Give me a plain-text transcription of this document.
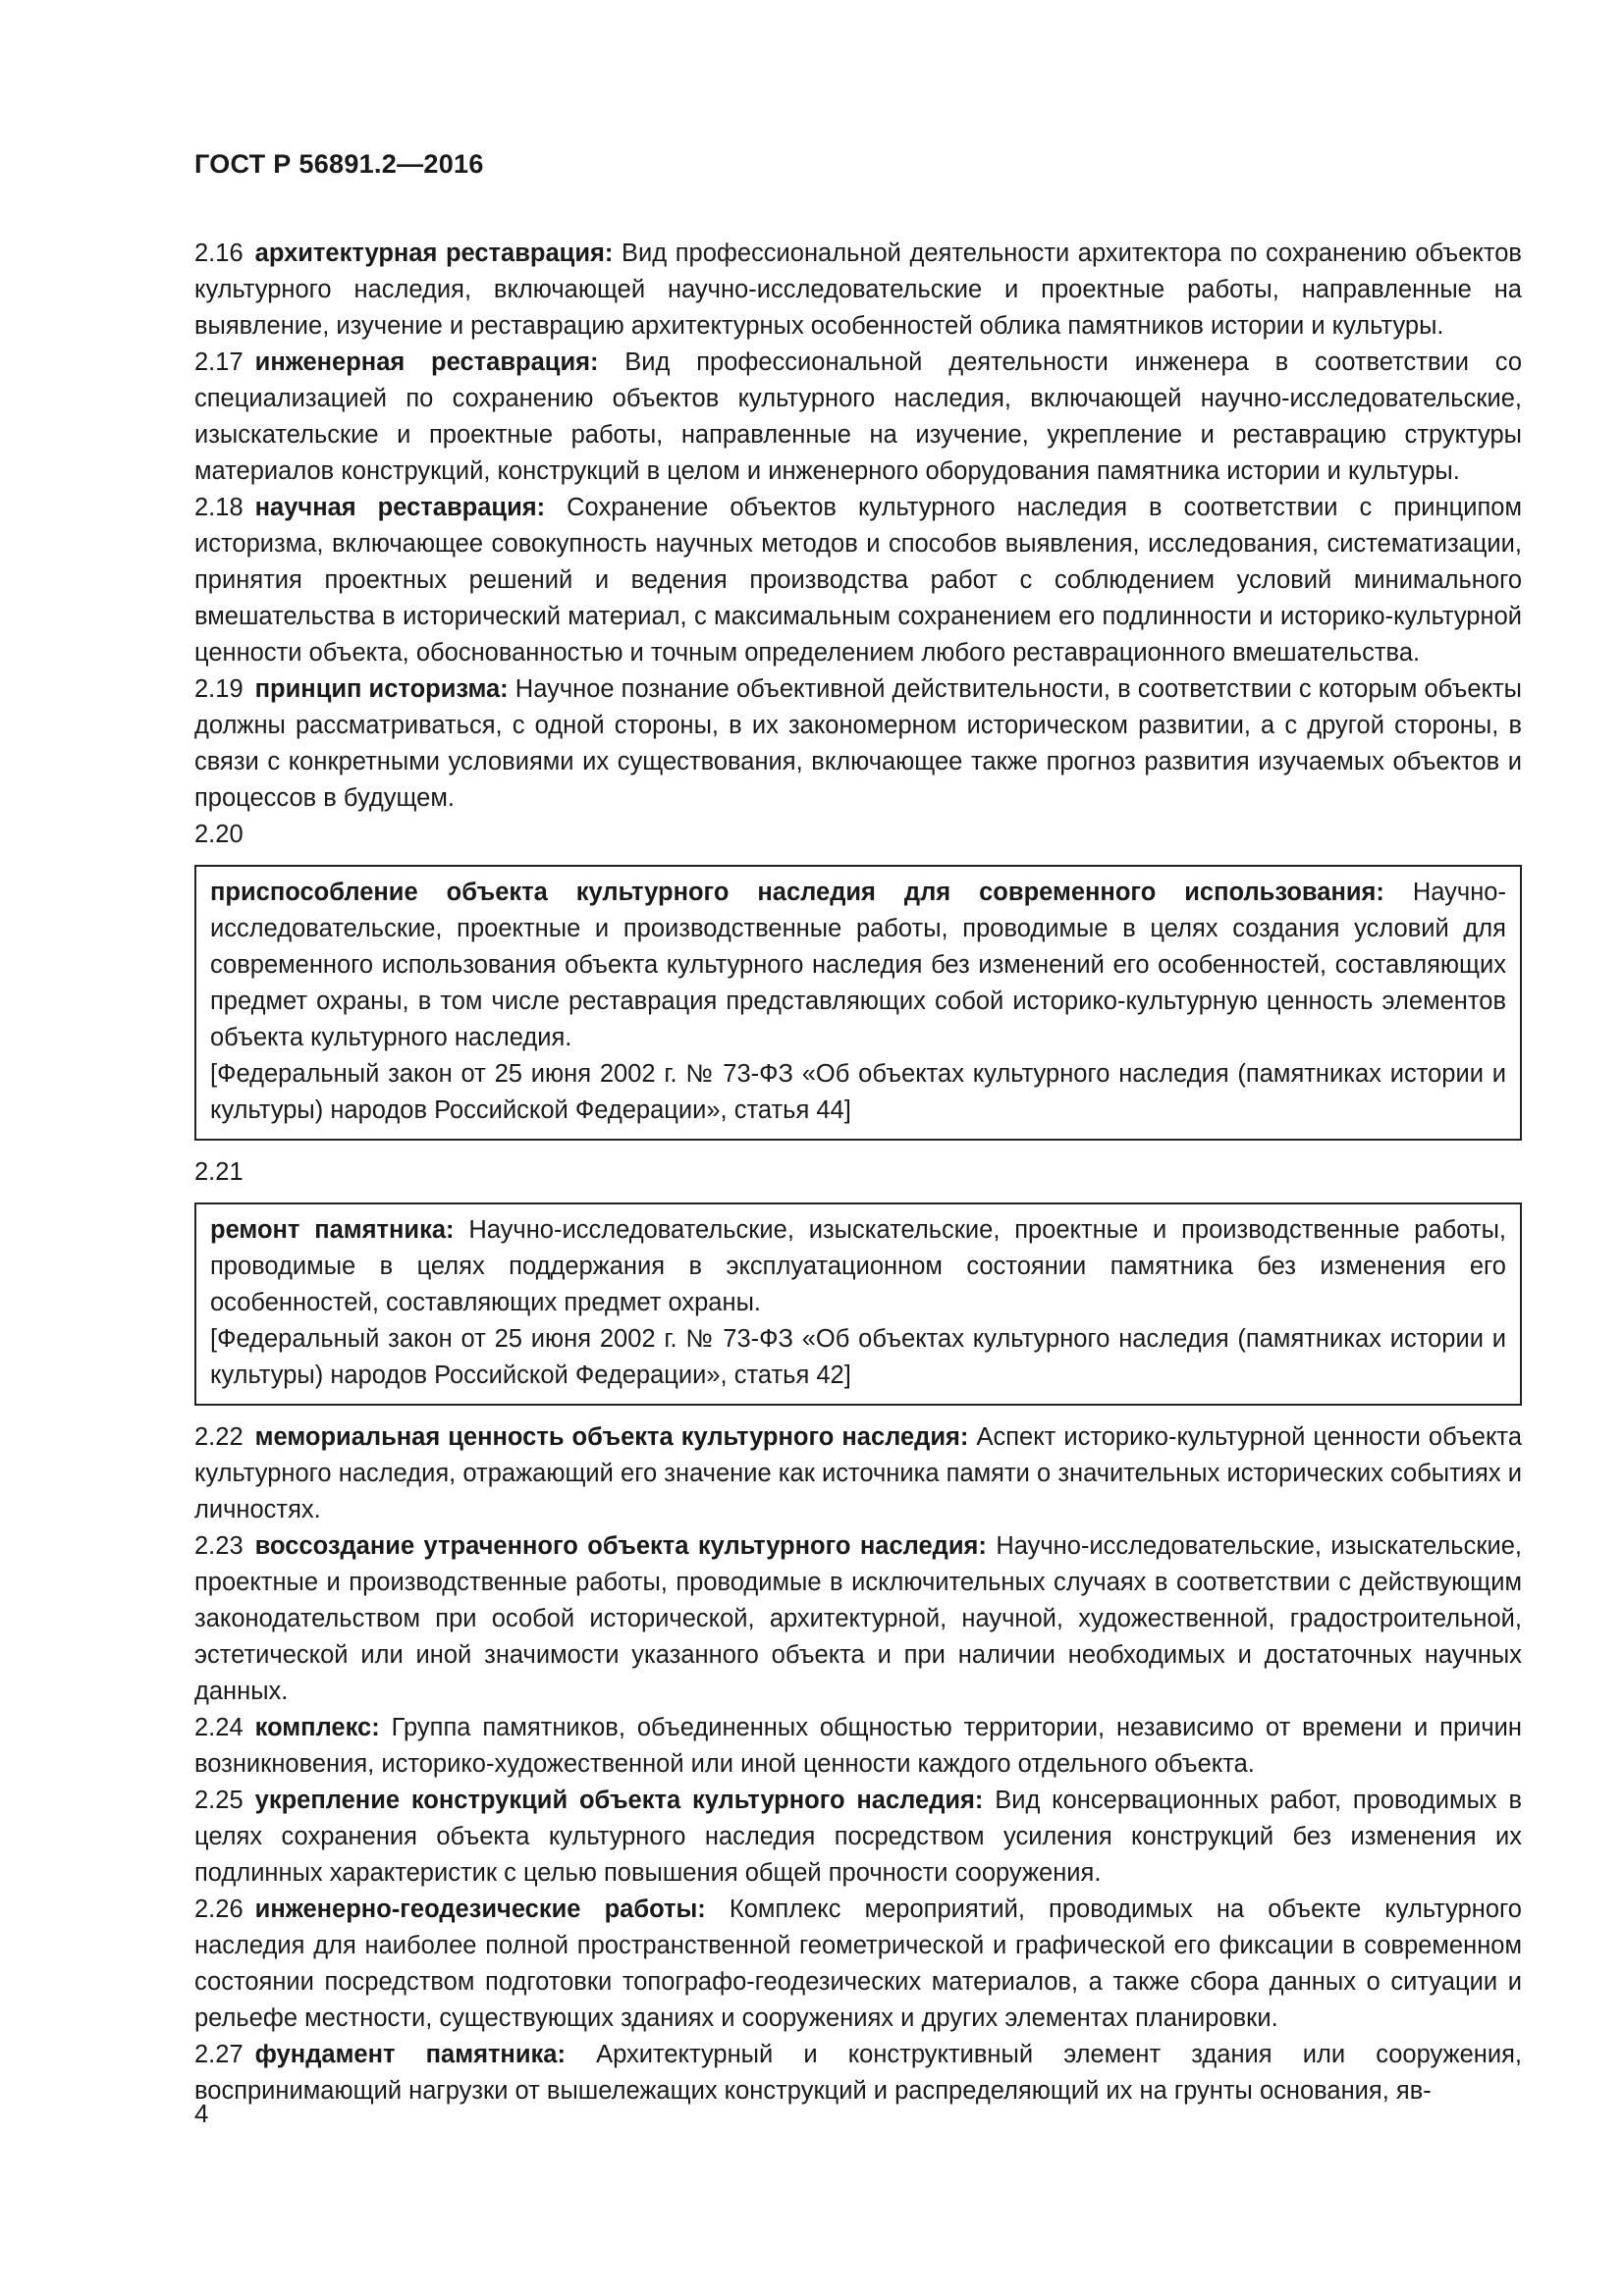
ГОСТ Р 56891.2—2016

2.16 архитектурная реставрация: Вид профессиональной деятельности архитектора по сохранению объектов культурного наследия, включающей научно-исследовательские и проектные работы, направленные на выявление, изучение и реставрацию архитектурных особенностей облика памятников истории и культуры.

2.17 инженерная реставрация: Вид профессиональной деятельности инженера в соответствии со специализацией по сохранению объектов культурного наследия, включающей научно-исследовательские, изыскательские и проектные работы, направленные на изучение, укрепление и реставрацию структуры материалов конструкций, конструкций в целом и инженерного оборудования памятника истории и культуры.

2.18 научная реставрация: Сохранение объектов культурного наследия в соответствии с принципом историзма, включающее совокупность научных методов и способов выявления, исследования, систематизации, принятия проектных решений и ведения производства работ с соблюдением условий минимального вмешательства в исторический материал, с максимальным сохранением его подлинности и историко-культурной ценности объекта, обоснованностью и точным определением любого реставрационного вмешательства.

2.19 принцип историзма: Научное познание объективной действительности, в соответствии с которым объекты должны рассматриваться, с одной стороны, в их закономерном историческом развитии, а с другой стороны, в связи с конкретными условиями их существования, включающее также прогноз развития изучаемых объектов и процессов в будущем.

2.20

приспособление объекта культурного наследия для современного использования: Научно-исследовательские, проектные и производственные работы, проводимые в целях создания условий для современного использования объекта культурного наследия без изменений его особенностей, составляющих предмет охраны, в том числе реставрация представляющих собой историко-культурную ценность элементов объекта культурного наследия.

[Федеральный закон от 25 июня 2002 г. № 73-ФЗ «Об объектах культурного наследия (памятниках истории и культуры) народов Российской Федерации», статья 44]

2.21

ремонт памятника: Научно-исследовательские, изыскательские, проектные и производственные работы, проводимые в целях поддержания в эксплуатационном состоянии памятника без изменения его особенностей, составляющих предмет охраны.

[Федеральный закон от 25 июня 2002 г. № 73-ФЗ «Об объектах культурного наследия (памятниках истории и культуры) народов Российской Федерации», статья 42]

2.22 мемориальная ценность объекта культурного наследия: Аспект историко-культурной ценности объекта культурного наследия, отражающий его значение как источника памяти о значительных исторических событиях и личностях.

2.23 воссоздание утраченного объекта культурного наследия: Научно-исследовательские, изыскательские, проектные и производственные работы, проводимые в исключительных случаях в соответствии с действующим законодательством при особой исторической, архитектурной, научной, художественной, градостроительной, эстетической или иной значимости указанного объекта и при наличии необходимых и достаточных научных данных.

2.24 комплекс: Группа памятников, объединенных общностью территории, независимо от времени и причин возникновения, историко-художественной или иной ценности каждого отдельного объекта.

2.25 укрепление конструкций объекта культурного наследия: Вид консервационных работ, проводимых в целях сохранения объекта культурного наследия посредством усиления конструкций без изменения их подлинных характеристик с целью повышения общей прочности сооружения.

2.26 инженерно-геодезические работы: Комплекс мероприятий, проводимых на объекте культурного наследия для наиболее полной пространственной геометрической и графической его фиксации в современном состоянии посредством подготовки топографо-геодезических материалов, а также сбора данных о ситуации и рельефе местности, существующих зданиях и сооружениях и других элементах планировки.

2.27 фундамент памятника: Архитектурный и конструктивный элемент здания или сооружения, воспринимающий нагрузки от вышележащих конструкций и распределяющий их на грунты основания, яв-

4
